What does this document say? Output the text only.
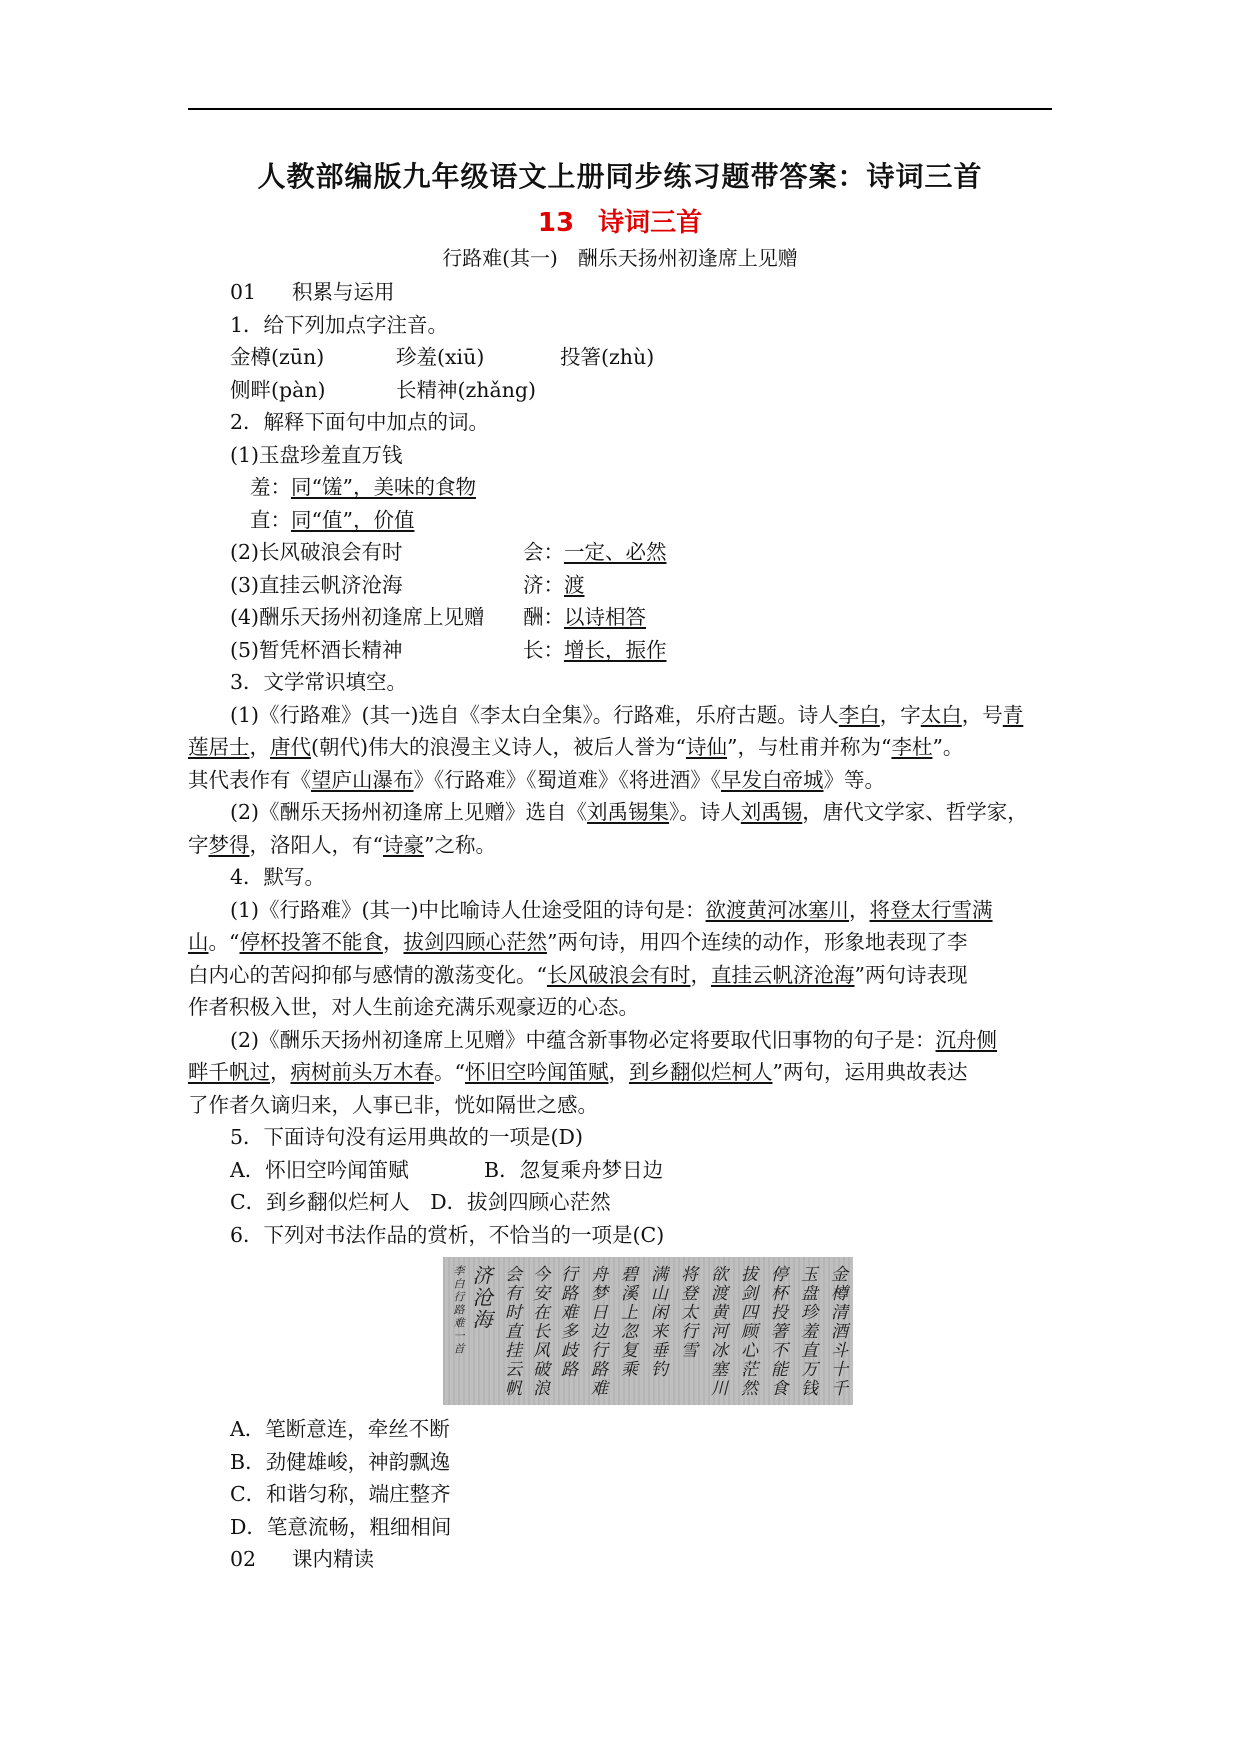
人教部编版九年级语文上册同步练习题带答案：诗词三首
13 诗词三首
行路难(其一)　酬乐天扬州初逢席上见赠
01 积累与运用
1．给下列加点字注音。
金樽(zūn)	珍羞(xiū)	投箸(zhù)
侧畔(pàn)	长精神(zhǎng)
2．解释下面句中加点的词。
(1)玉盘珍羞直万钱
羞：同“馐”，美味的食物
直：同“值”，价值
(2)长风破浪会有时	会：一定、必然
(3)直挂云帆济沧海	济：渡
(4)酬乐天扬州初逢席上见赠 酬：以诗相答
(5)暂凭杯酒长精神	长：增长，振作
3．文学常识填空。
(1)《行路难》(其一)选自《李太白全集》。行路难，乐府古题。诗人李白，字太白，号青
莲居士，唐代(朝代)伟大的浪漫主义诗人，被后人誉为“诗仙”，与杜甫并称为“李杜”。
其代表作有《望庐山瀑布》《行路难》《蜀道难》《将进酒》《早发白帝城》等。
(2)《酬乐天扬州初逢席上见赠》选自《刘禹锡集》。诗人刘禹锡，唐代文学家、哲学家，
字梦得，洛阳人，有“诗豪”之称。
4．默写。
(1)《行路难》(其一)中比喻诗人仕途受阻的诗句是：欲渡黄河冰塞川，将登太行雪满
山。“停杯投箸不能食，拔剑四顾心茫然”两句诗，用四个连续的动作，形象地表现了李
白内心的苦闷抑郁与感情的激荡变化。“长风破浪会有时，直挂云帆济沧海”两句诗表现
作者积极入世，对人生前途充满乐观豪迈的心态。
(2)《酬乐天扬州初逢席上见赠》中蕴含新事物必定将要取代旧事物的句子是：沉舟侧
畔千帆过，病树前头万木春。“怀旧空吟闻笛赋，到乡翻似烂柯人”两句，运用典故表达
了作者久谪归来，人事已非，恍如隔世之感。
5．下面诗句没有运用典故的一项是(D)
A．怀旧空吟闻笛赋	B．忽复乘舟梦日边
C．到乡翻似烂柯人　 D．拔剑四顾心茫然
6．下列对书法作品的赏析，不恰当的一项是(C)
金樽清酒斗十千
玉盘珍羞直万钱
停杯投箸不能食
拔剑四顾心茫然
欲渡黄河冰塞川
将登太行雪
满山闲来垂钓
碧溪上忽复乘
舟梦日边行路难
行路难多歧路
今安在长风破浪
会有时直挂云帆
济沧海
李白行路难一首
A．笔断意连，牵丝不断
B．劲健雄峻，神韵飘逸
C．和谐匀称，端庄整齐
D．笔意流畅，粗细相间
02 课内精读
